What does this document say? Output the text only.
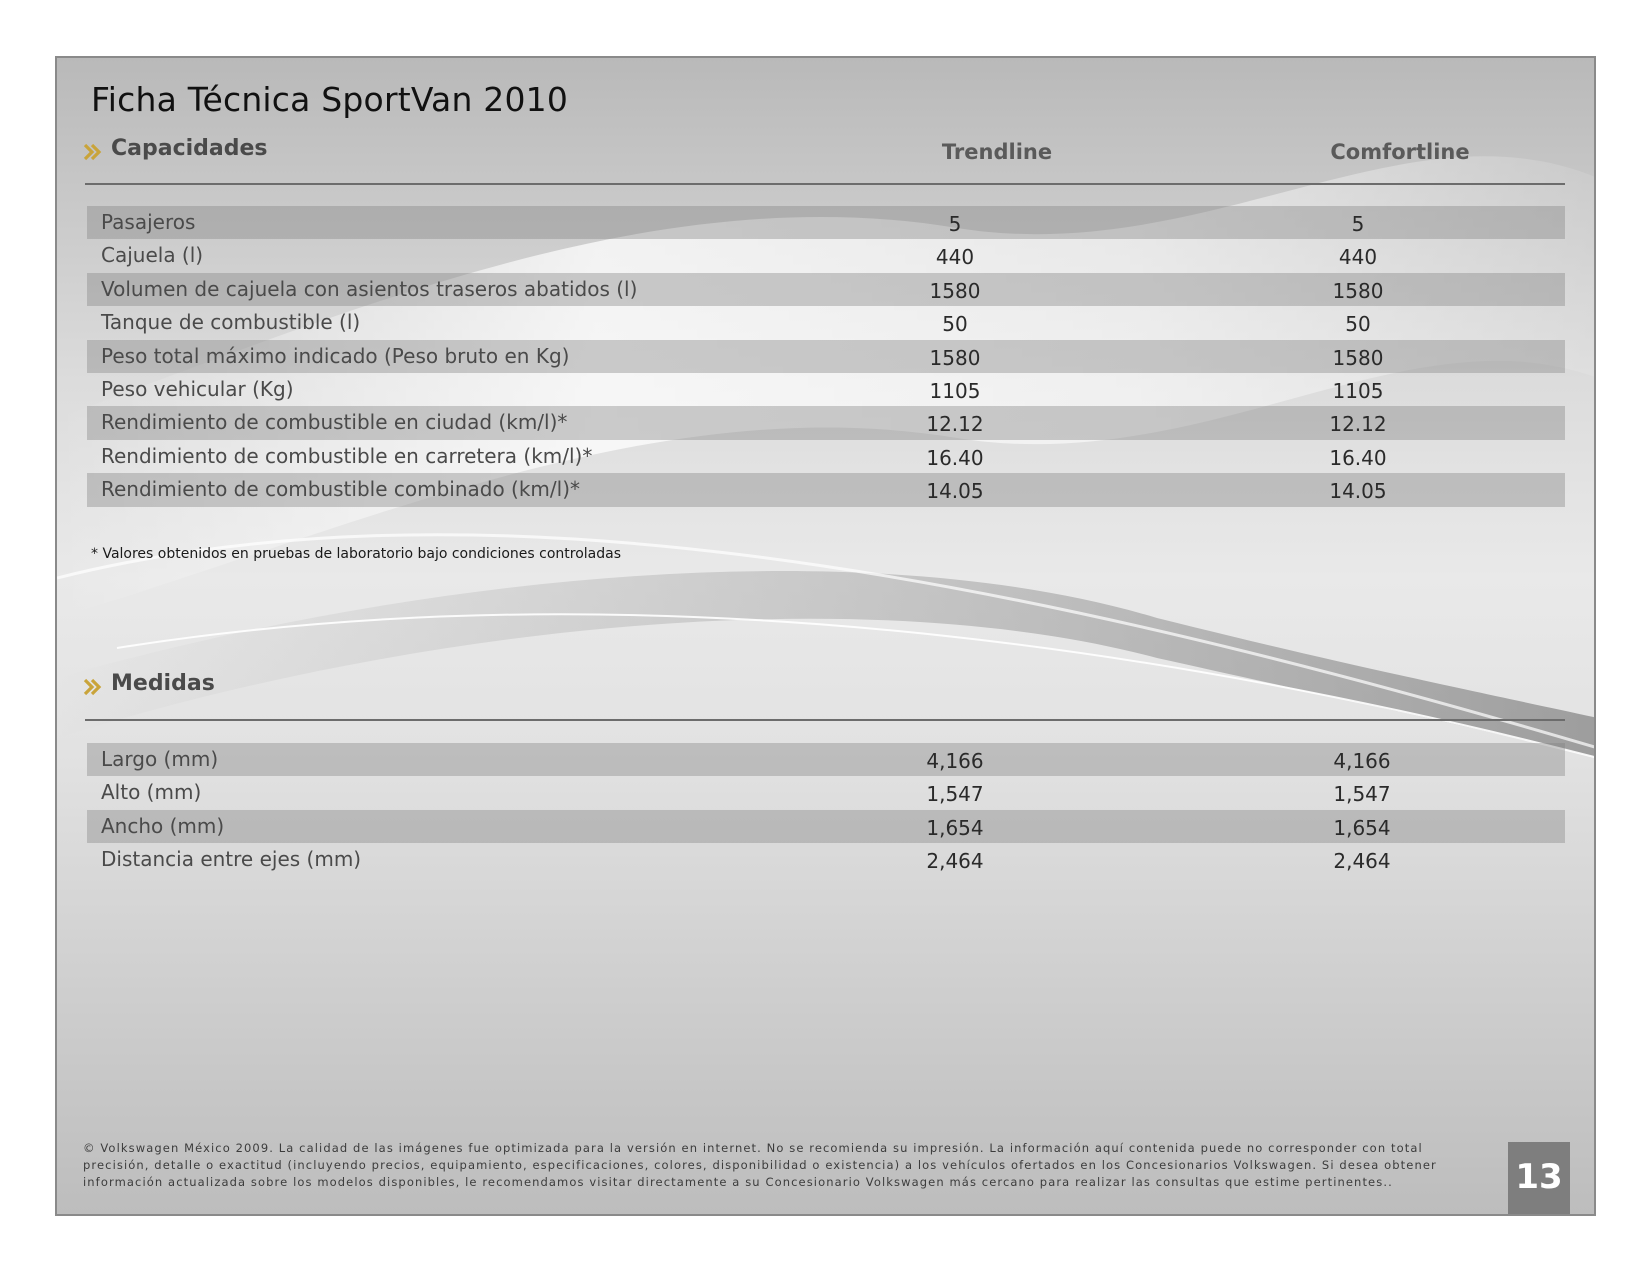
Ficha Técnica SportVan 2010
Capacidades	Trendline	Comfortline
Pasajeros	5	5
Cajuela (l)	440	440
Volumen de cajuela con asientos traseros abatidos (l)	1580	1580
Tanque de combustible (l)	50	50
Peso total máximo indicado (Peso bruto en Kg)	1580	1580
Peso vehicular (Kg)	1105	1105
Rendimiento de combustible en ciudad (km/l)*	12.12	12.12
Rendimiento de combustible en carretera (km/l)*	16.40	16.40
Rendimiento de combustible combinado (km/l)*	14.05	14.05
* Valores obtenidos en pruebas de laboratorio bajo condiciones controladas
Medidas
Largo (mm)	4,166	4,166
Alto (mm)	1,547	1,547
Ancho (mm)	1,654	1,654
Distancia entre ejes (mm)	2,464	2,464
© Volkswagen México 2009. La calidad de las imágenes fue optimizada para la versión en internet. No se recomienda su impresión. La información aquí contenida puede no corresponder con total precisión, detalle o exactitud (incluyendo precios, equipamiento, especificaciones, colores, disponibilidad o existencia) a los vehículos ofertados en los Concesionarios Volkswagen. Si desea obtener información actualizada sobre los modelos disponibles, le recomendamos visitar directamente a su Concesionario Volkswagen más cercano para realizar las consultas que estime pertinentes..	13
